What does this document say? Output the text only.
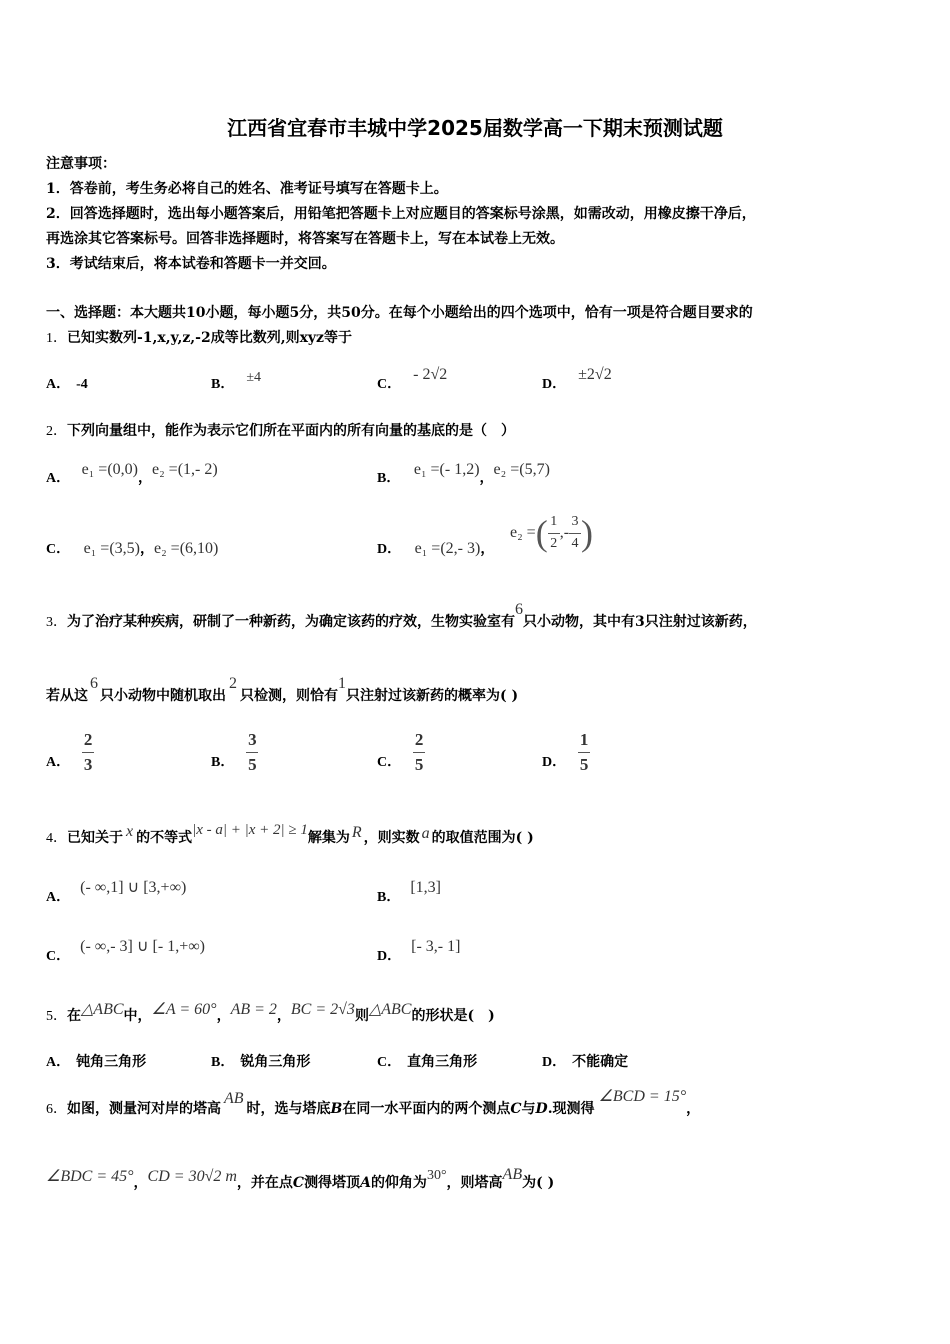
江西省宜春市丰城中学2025届数学高一下期末预测试题
注意事项：
1．答卷前，考生务必将自己的姓名、准考证号填写在答题卡上。
2．回答选择题时，选出每小题答案后，用铅笔把答题卡上对应题目的答案标号涂黑，如需改动，用橡皮擦干净后，
再选涂其它答案标号。回答非选择题时，将答案写在答题卡上，写在本试卷上无效。
3．考试结束后，将本试卷和答题卡一并交回。
一、选择题：本大题共10小题，每小题5分，共50分。在每个小题给出的四个选项中，恰有一项是符合题目要求的
1．已知实数列-1,x,y,z,-2成等比数列,则xyz等于
A． -4	B． ±4	C．- 2√2
D．±2√2
2．下列向量组中，能作为表示它们所在平面内的所有向量的基底的是（　）
A． e₁ =(0,0)，e₂ =(1,- 2)
B． e₁ =(- 1,2)，e₂ =(5,7)
C． e₁ =(3,5)，e₂ =(6,10)	D． e₁ =(2,- 3)，
e₂ = ( $\frac{1}{2}$ ,- $\frac{3}{4}$ )
3．为了治疗某种疾病，研制了一种新药，为确定该药的疗效，生物实验室有6只小动物，其中有3只注射过该新药，
若从这6只小动物中随机取出2只检测，则恰有1只注射过该新药的概率为( )
A． $\frac{2}{3}$	B． $\frac{3}{5}$	C． $\frac{2}{5}$	D． $\frac{1}{5}$
4．已知关于 x 的不等式|x - a| + |x + 2| ≥ 1解集为 R ，则实数 a 的取值范围为( )
A．(- ∞,1] ∪ [3,+∞)
B．[1,3]
C．(- ∞,- 3] ∪ [- 1,+∞)
D．[- 3,- 1]
5．在△ABC中，∠A = 60°，AB = 2，BC = 2√3则△ABC的形状是(　)
A． 钝角三角形	B． 锐角三角形	C． 直角三角形	D． 不能确定
6．如图，测量河对岸的塔高AB时，选与塔底B在同一水平面内的两个测点C与D.现测得∠BCD = 15°，
∠BDC = 45°，CD = 30√2 m，并在点C测得塔顶A的仰角为30°，则塔高AB为( )
